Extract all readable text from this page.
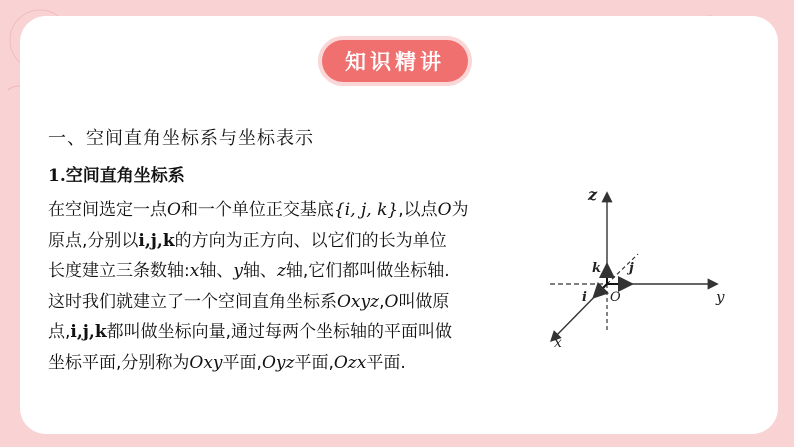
知识精讲
一、空间直角坐标系与坐标表示
1.空间直角坐标系
在空间选定一点O和一个单位正交基底{i, j, k},以点O为
原点,分别以i,j,k的方向为正方向、以它们的长为单位
长度建立三条数轴:x轴、y轴、z轴,它们都叫做坐标轴.
这时我们就建立了一个空间直角坐标系Oxyz,O叫做原
点,i,j,k都叫做坐标向量,通过每两个坐标轴的平面叫做
坐标平面,分别称为Oxy平面,Oyz平面,Ozx平面.
z
y
x
O
k j
i
